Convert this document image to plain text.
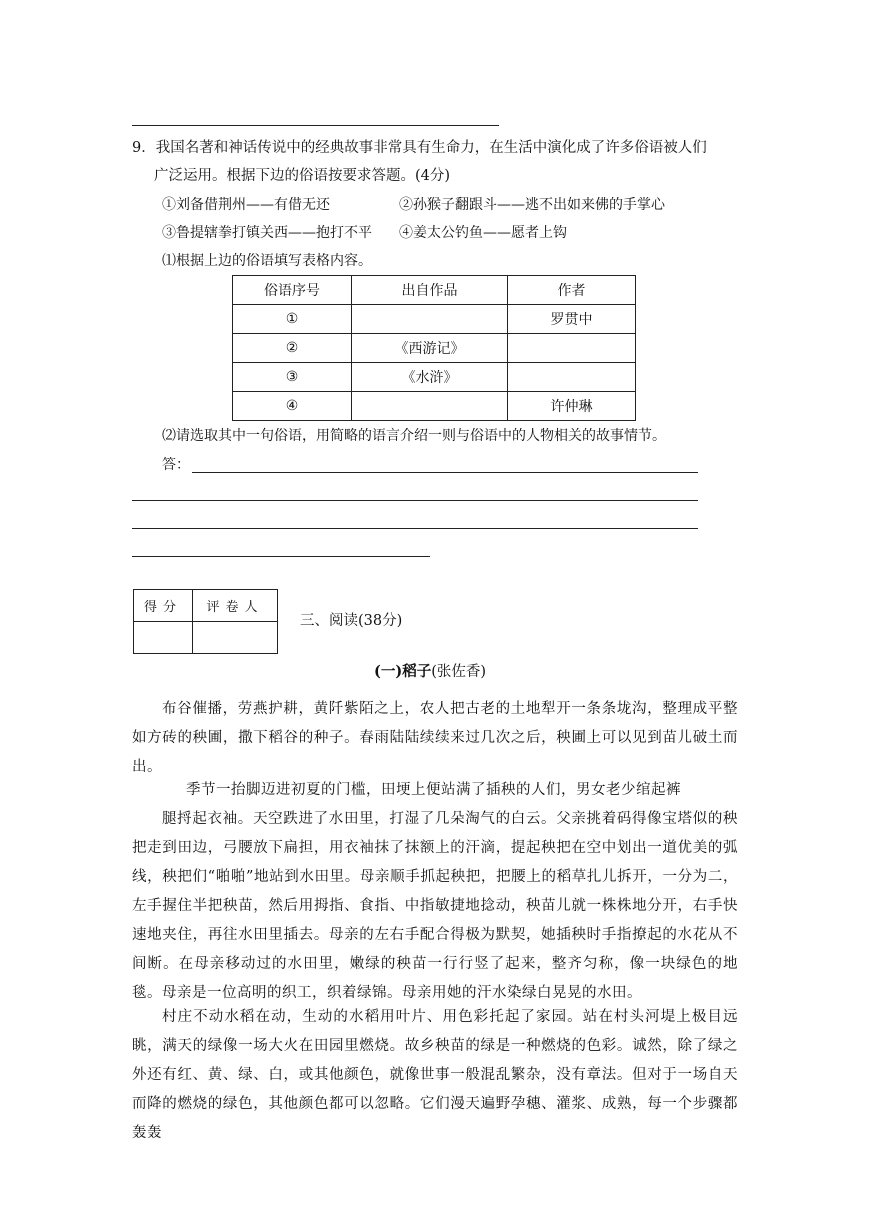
9．我国名著和神话传说中的经典故事非常具有生命力，在生活中演化成了许多俗语被人们
广泛运用。根据下边的俗语按要求答题。(4分)
①刘备借荆州——有借无还	②孙猴子翻跟斗——逃不出如来佛的手掌心
③鲁提辖拳打镇关西——抱打不平 ④姜太公钓鱼——愿者上钩
⑴根据上边的俗语填写表格内容。
俗语序号	出自作品	作者
①		罗贯中
②	《西游记》	
③	《水浒》	
④		许仲琳
⑵请选取其中一句俗语，用简略的语言介绍一则与俗语中的人物相关的故事情节。
答：
得分	评卷人

三、阅读(38分)
(一)稻子(张佐香)
布谷催播，劳燕护耕，黄阡紫陌之上，农人把古老的土地犁开一条条垅沟，整理成平整如方砖的秧圃，撒下稻谷的种子。春雨陆陆续续来过几次之后，秧圃上可以见到苗儿破土而出。
季节一抬脚迈进初夏的门槛，田埂上便站满了插秧的人们，男女老少绾起裤
腿捋起衣袖。天空跌进了水田里，打湿了几朵淘气的白云。父亲挑着码得像宝塔似的秧把走到田边，弓腰放下扁担，用衣袖抹了抹额上的汗滴，提起秧把在空中划出一道优美的弧线，秧把们“啪啪”地站到水田里。母亲顺手抓起秧把，把腰上的稻草扎儿拆开，一分为二，左手握住半把秧苗，然后用拇指、食指、中指敏捷地捻动，秧苗儿就一株株地分开，右手快速地夹住，再往水田里插去。母亲的左右手配合得极为默契，她插秧时手指撩起的水花从不间断。在母亲移动过的水田里，嫩绿的秧苗一行行竖了起来，整齐匀称，像一块绿色的地毯。母亲是一位高明的织工，织着绿锦。母亲用她的汗水染绿白晃晃的水田。
村庄不动水稻在动，生动的水稻用叶片、用色彩托起了家园。站在村头河堤上极目远眺，满天的绿像一场大火在田园里燃烧。故乡秧苗的绿是一种燃烧的色彩。诚然，除了绿之外还有红、黄、绿、白，或其他颜色，就像世事一般混乱繁杂，没有章法。但对于一场自天而降的燃烧的绿色，其他颜色都可以忽略。它们漫天遍野孕穗、灌浆、成熟，每一个步骤都轰轰
